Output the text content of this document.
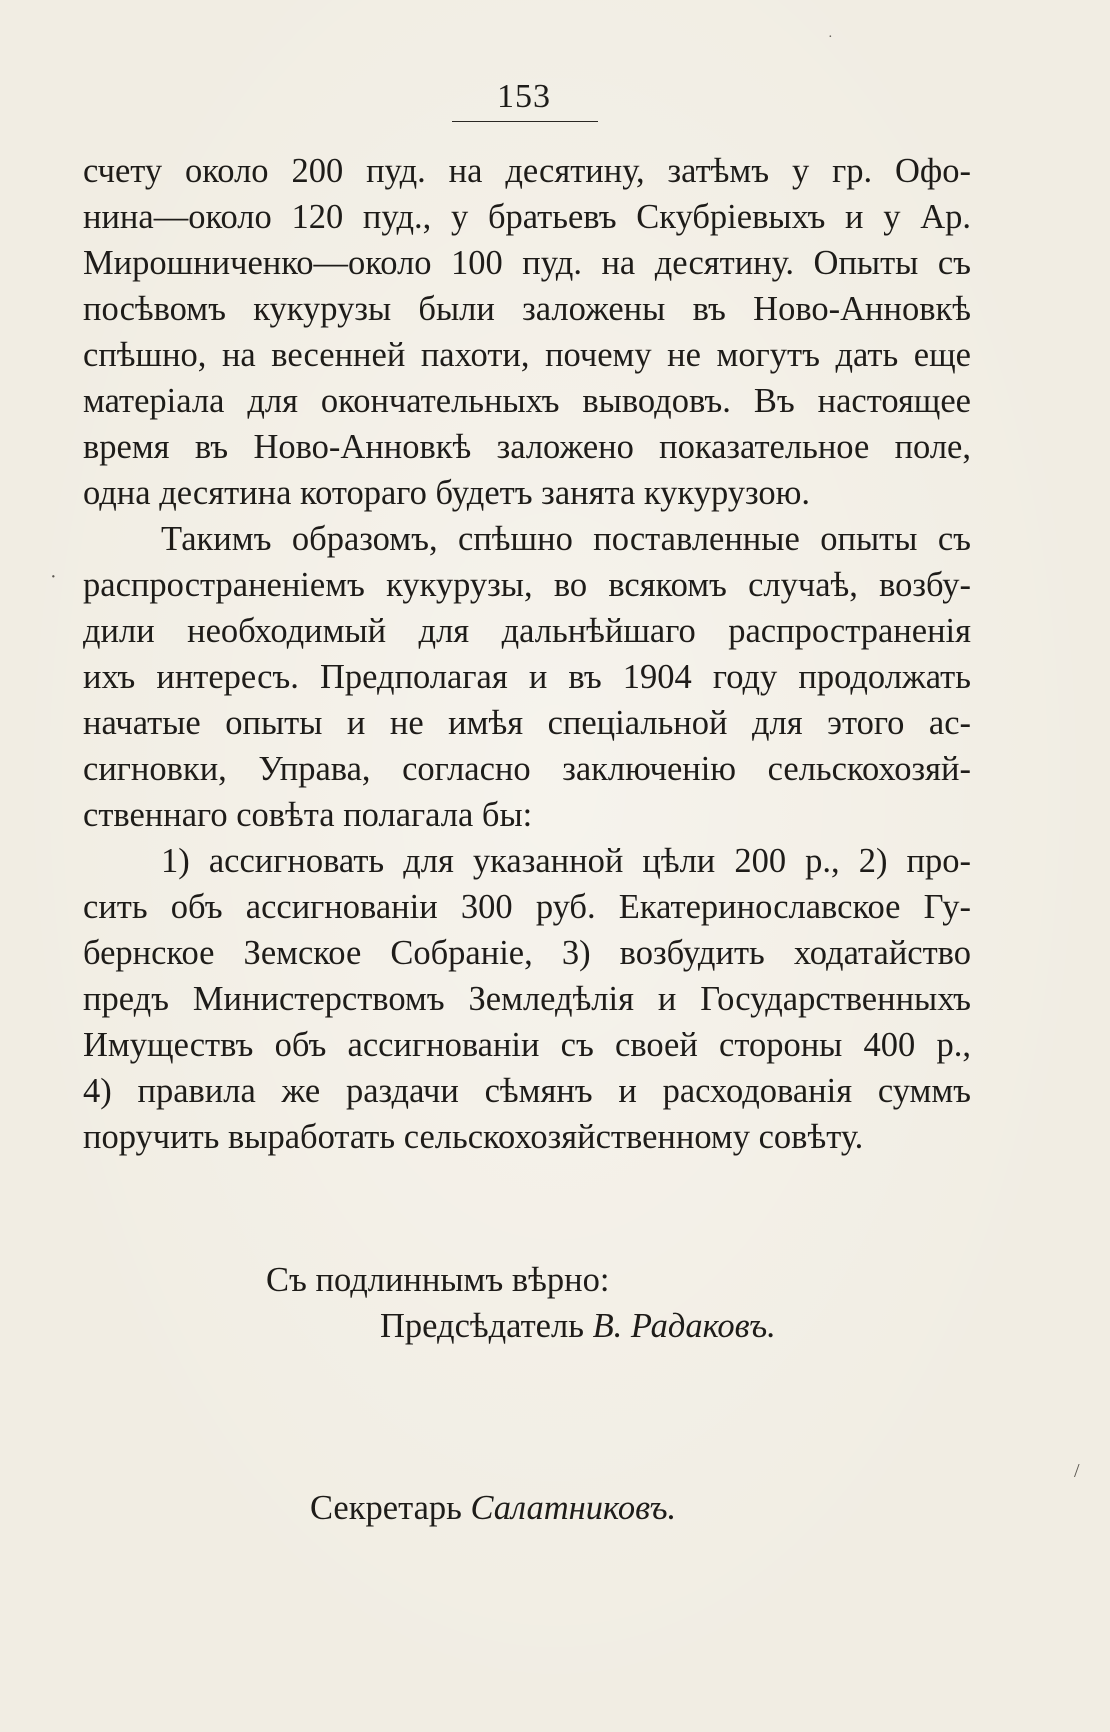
153
счету около 200 пуд. на десятину, затѣмъ у гр. Офо-
нина—около 120 пуд., у братьевъ Скубріевыхъ и у Ар.
Мирошниченко—около 100 пуд. на десятину. Опыты съ
посѣвомъ кукурузы были заложены въ Ново-Анновкѣ
спѣшно, на весенней пахоти, почему не могутъ дать еще
матеріала для окончательныхъ выводовъ. Въ настоящее
время въ Ново-Анновкѣ заложено показательное поле,
одна десятина котораго будетъ занята кукурузою.
Такимъ образомъ, спѣшно поставленные опыты съ
распространеніемъ кукурузы, во всякомъ случаѣ, возбу-
дили необходимый для дальнѣйшаго распространенія
ихъ интересъ. Предполагая и въ 1904 году продолжать
начатые опыты и не имѣя спеціальной для этого ас-
сигновки, Управа, согласно заключенію сельскохозяй-
ственнаго совѣта полагала бы:
1) ассигновать для указанной цѣли 200 р., 2) про-
сить объ ассигнованіи 300 руб. Екатеринославское Гу-
бернское Земское Собраніе, 3) возбудить ходатайство
предъ Министерствомъ Земледѣлія и Государственныхъ
Имуществъ объ ассигнованіи съ своей стороны 400 р.,
4) правила же раздачи сѣмянъ и расходованія суммъ
поручить выработать сельскохозяйственному совѣту.
Съ подлиннымъ вѣрно:
Предсѣдатель В. Радаковъ.
Секретарь Салатниковъ.
·
/
·
